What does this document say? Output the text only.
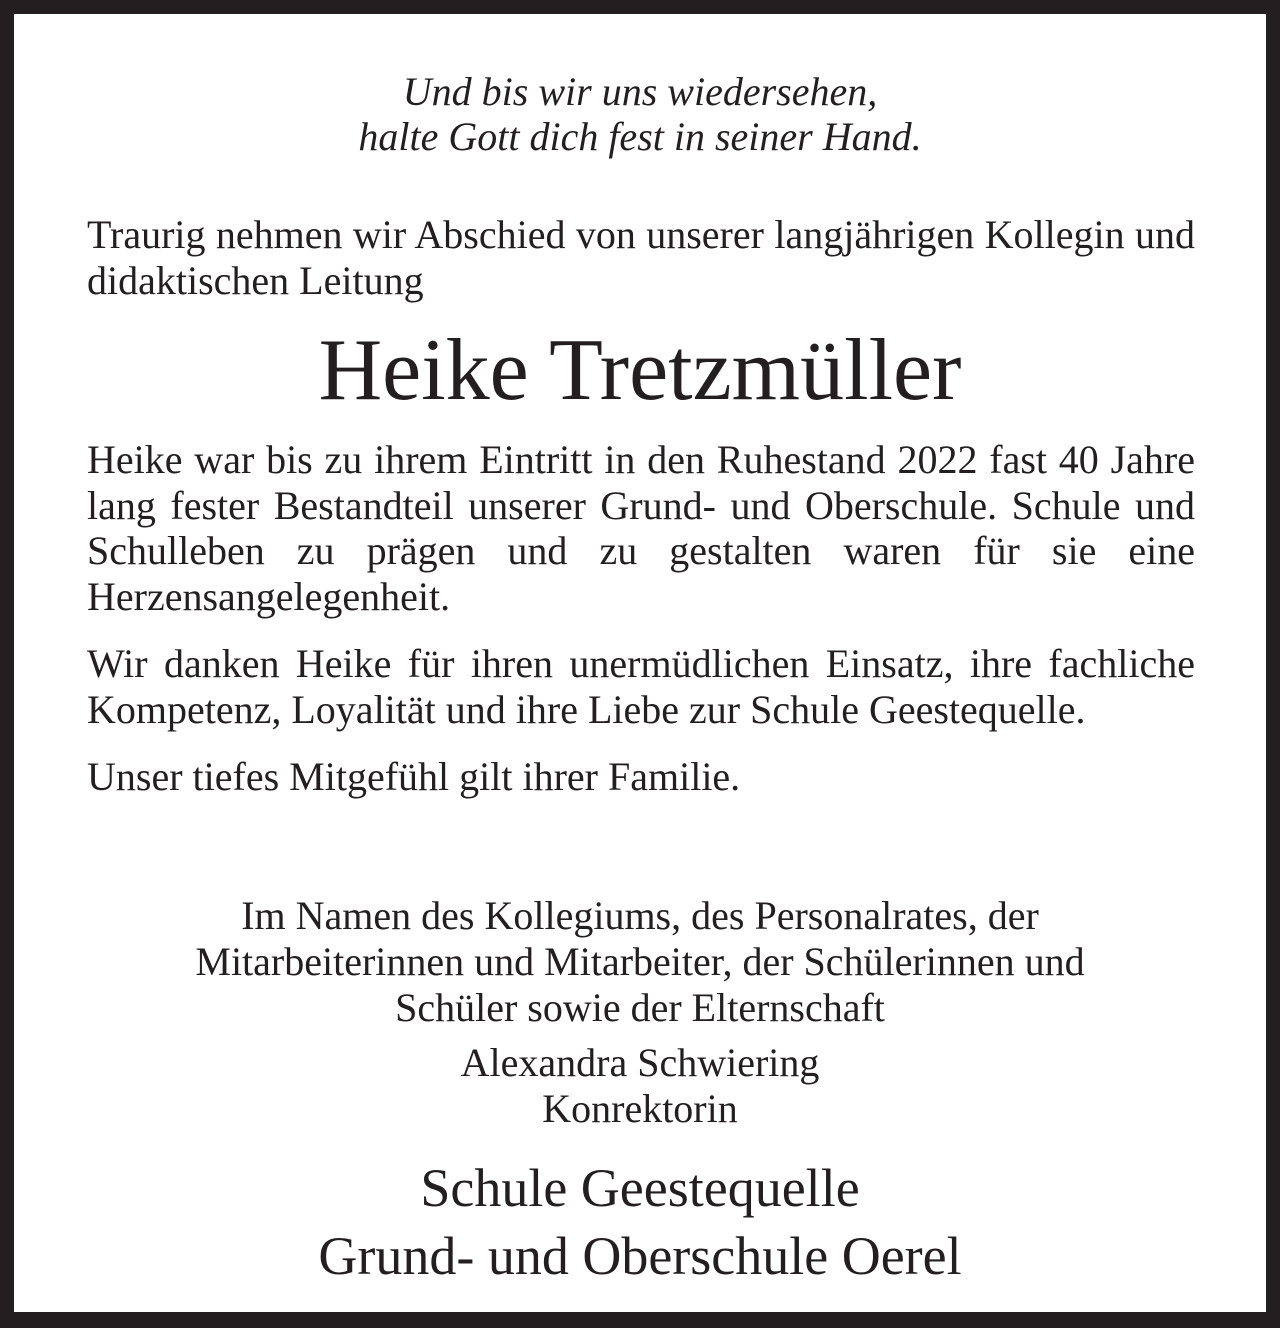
Und bis wir uns wiedersehen,
halte Gott dich fest in seiner Hand.
Traurig nehmen wir Abschied von unserer langjährigen Kollegin und didaktischen Leitung
Heike Tretzmüller

Heike war bis zu ihrem Eintritt in den Ruhestand 2022 fast 40 Jahre lang fester Bestandteil unserer Grund- und Oberschule. Schule und Schulleben zu prägen und zu gestalten waren für sie eine Herzensangelegenheit.

Wir danken Heike für ihren unermüdlichen Einsatz, ihre fachliche Kompetenz, Loyalität und ihre Liebe zur Schule Geestequelle.

Unser tiefes Mitgefühl gilt ihrer Familie.

Im Namen des Kollegiums, des Personalrates, der
Mitarbeiterinnen und Mitarbeiter, der Schülerinnen und
Schüler sowie der Elternschaft
Alexandra Schwiering
Konrektorin
Schule Geestequelle
Grund- und Oberschule Oerel
